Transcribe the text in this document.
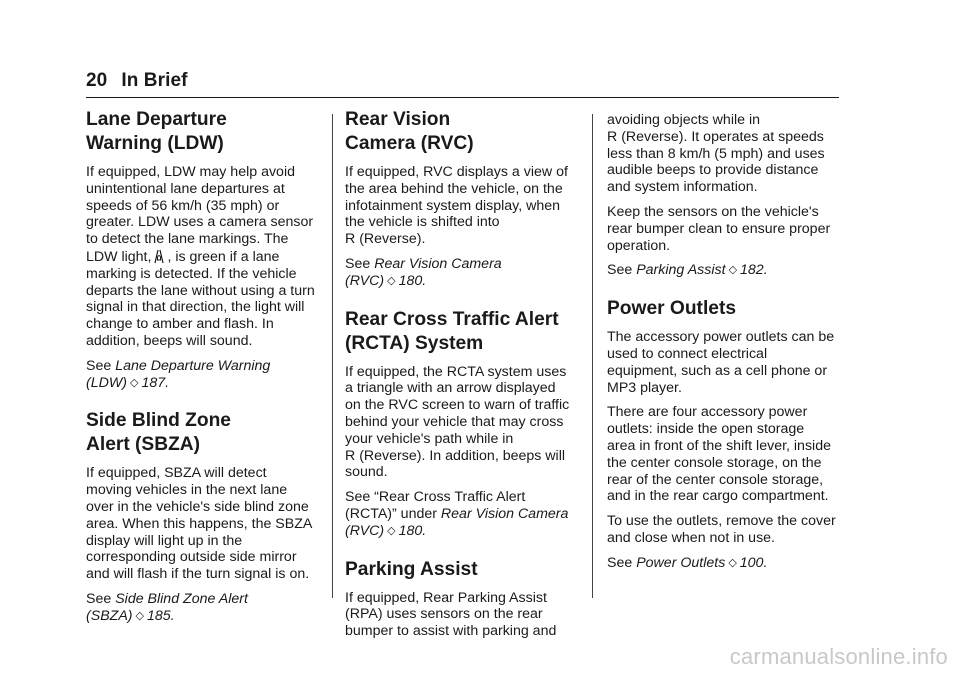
20 In Brief
Lane Departure
Warning (LDW)

If equipped, LDW may help avoid
unintentional lane departures at
speeds of 56 km/h (35 mph) or
greater. LDW uses a camera sensor
to detect the lane markings. The
LDW light, , is green if a lane
marking is detected. If the vehicle
departs the lane without using a turn
signal in that direction, the light will
change to amber and flash. In
addition, beeps will sound.

See Lane Departure Warning
(LDW) ◇ 187.

Side Blind Zone
Alert (SBZA)

If equipped, SBZA will detect
moving vehicles in the next lane
over in the vehicle's side blind zone
area. When this happens, the SBZA
display will light up in the
corresponding outside side mirror
and will flash if the turn signal is on.

See Side Blind Zone Alert
(SBZA) ◇ 185.

Rear Vision
Camera (RVC)

If equipped, RVC displays a view of
the area behind the vehicle, on the
infotainment system display, when
the vehicle is shifted into
R (Reverse).

See Rear Vision Camera
(RVC) ◇ 180.

Rear Cross Traffic Alert
(RCTA) System

If equipped, the RCTA system uses
a triangle with an arrow displayed
on the RVC screen to warn of traffic
behind your vehicle that may cross
your vehicle's path while in
R (Reverse). In addition, beeps will
sound.

See “Rear Cross Traffic Alert
(RCTA)” under Rear Vision Camera
(RVC) ◇ 180.

Parking Assist

If equipped, Rear Parking Assist
(RPA) uses sensors on the rear
bumper to assist with parking and

avoiding objects while in
R (Reverse). It operates at speeds
less than 8 km/h (5 mph) and uses
audible beeps to provide distance
and system information.

Keep the sensors on the vehicle's
rear bumper clean to ensure proper
operation.

See Parking Assist ◇ 182.

Power Outlets

The accessory power outlets can be
used to connect electrical
equipment, such as a cell phone or
MP3 player.

There are four accessory power
outlets: inside the open storage
area in front of the shift lever, inside
the center console storage, on the
rear of the center console storage,
and in the rear cargo compartment.

To use the outlets, remove the cover
and close when not in use.

See Power Outlets ◇ 100.

carmanualsonline.info
